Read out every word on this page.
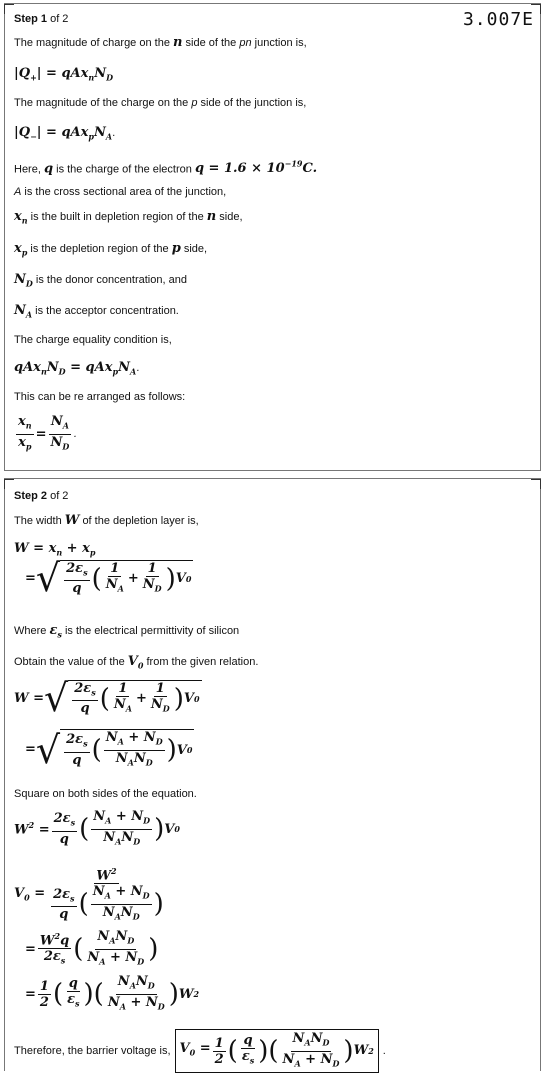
Step 1 of 2	3.007E
The magnitude of charge on the n side of the pn junction is,
$|Q_+| = qAx_nN_D$
The magnitude of the charge on the p side of the junction is,
$|Q_-| = qAx_pN_A$.
Here, q is the charge of the electron $q = 1.6 \times 10^{-19}C$.
A is the cross sectional area of the junction,
$x_n$ is the built in depletion region of the n side,
$x_p$ is the depletion region of the p side,
$N_D$ is the donor concentration, and
$N_A$ is the acceptor concentration.
The charge equality condition is,
$qAx_nN_D = qAx_pN_A$.
This can be re arranged as follows:
$\frac{x_n}{x_p} = \frac{N_A}{N_D}$ .
Step 2 of 2
The width W of the depletion layer is,
$W = x_n + x_p$
= √ $\frac{2\varepsilon_s}{q}$ ( $\frac{1}{N_A} + \frac{1}{N_D}$ ) V 0
Where $\varepsilon_s$ is the electrical permittivity of silicon
Obtain the value of the $V_0$ from the given relation.
W = √ $\frac{2\varepsilon_s}{q}$ ( $\frac{1}{N_A} + \frac{1}{N_D}$ ) V 0
= √ $\frac{2\varepsilon_s}{q}$ ( $\frac{N_A + N_D}{N_AN_D}$ ) V 0
Square on both sides of the equation.
$W^2 = \frac{2\varepsilon_s}{q}$ ( $\frac{N_A + N_D}{N_AN_D}$ ) V 0
$V_0 = \frac{W^2}{\frac{2\varepsilon_s}{q} ( \frac{N_A + N_D}{N_AN_D} )}$
= $\frac{W^2q}{2\varepsilon_s}$ ( $\frac{N_AN_D}{N_A + N_D}$ )
= $\frac{1}{2}$ ( $\frac{q}{\varepsilon_s}$ )( $\frac{N_AN_D}{N_A + N_D}$ ) W 2
Therefore, the barrier voltage is, $V_0 = \frac{1}{2}$ ( $\frac{q}{\varepsilon_s}$ )( $\frac{N_AN_D}{N_A + N_D}$ ) W 2 .
